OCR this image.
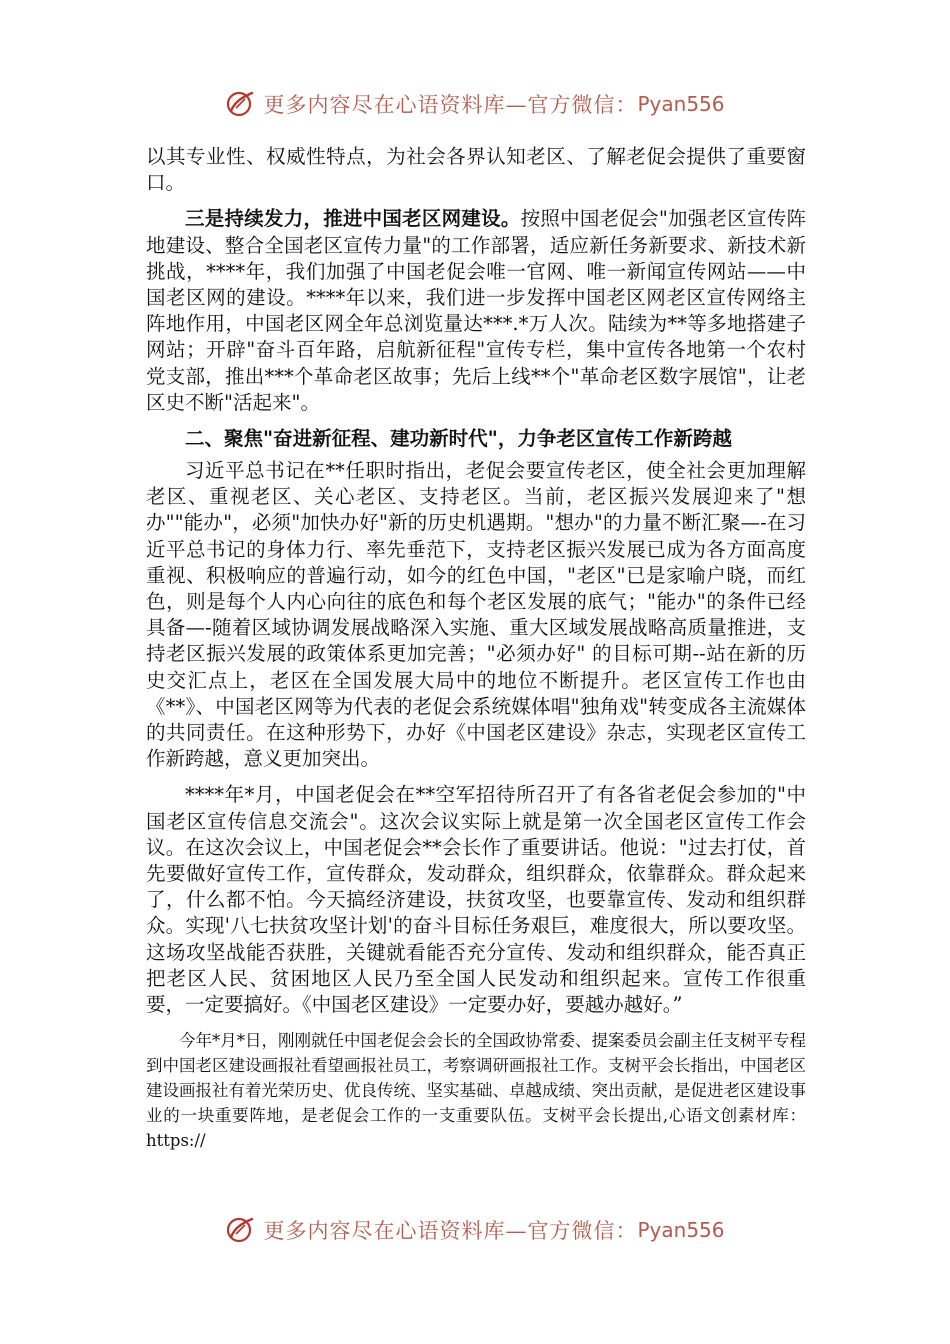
更多内容尽在心语资料库—官方微信： Pyan556

以其专业性、权威性特点，为社会各界认知老区、了解老促会提供了重要窗口。

三是持续发力，推进中国老区网建设。按照中国老促会"加强老区宣传阵地建设、整合全国老区宣传力量"的工作部署，适应新任务新要求、新技术新挑战，****年，我们加强了中国老促会唯一官网、唯一新闻宣传网站——中国老区网的建设。****年以来，我们进一步发挥中国老区网老区宣传网络主阵地作用，中国老区网全年总浏览量达***.*万人次。陆续为**等多地搭建子网站；开辟"奋斗百年路，启航新征程"宣传专栏，集中宣传各地第一个农村党支部，推出***个革命老区故事；先后上线**个"革命老区数字展馆"，让老区史不断"活起来"。

二、聚焦"奋进新征程、建功新时代"，力争老区宣传工作新跨越

习近平总书记在**任职时指出，老促会要宣传老区，使全社会更加理解老区、重视老区、关心老区、支持老区。当前，老区振兴发展迎来了"想办""能办"，必须"加快办好"新的历史机遇期。"想办"的力量不断汇聚—-在习近平总书记的身体力行、率先垂范下，支持老区振兴发展已成为各方面高度重视、积极响应的普遍行动，如今的红色中国，"老区"已是家喻户晓，而红色，则是每个人内心向往的底色和每个老区发展的底气；"能办"的条件已经具备—-随着区域协调发展战略深入实施、重大区域发展战略高质量推进，支持老区振兴发展的政策体系更加完善；"必须办好" 的目标可期--站在新的历史交汇点上，老区在全国发展大局中的地位不断提升。老区宣传工作也由《**》、中国老区网等为代表的老促会系统媒体唱"独角戏"转变成各主流媒体的共同责任。在这种形势下，办好《中国老区建设》杂志，实现老区宣传工作新跨越，意义更加突出。

****年*月，中国老促会在**空军招待所召开了有各省老促会参加的"中国老区宣传信息交流会"。这次会议实际上就是第一次全国老区宣传工作会议。在这次会议上，中国老促会**会长作了重要讲话。他说："过去打仗，首先要做好宣传工作，宣传群众，发动群众，组织群众，依靠群众。群众起来了，什么都不怕。今天搞经济建设，扶贫攻坚，也要靠宣传、发动和组织群众。实现'八七扶贫攻坚计划'的奋斗目标任务艰巨，难度很大，所以要攻坚。这场攻坚战能否获胜，关键就看能否充分宣传、发动和组织群众，能否真正把老区人民、贫困地区人民乃至全国人民发动和组织起来。宣传工作很重要，一定要搞好。《中国老区建设》一定要办好，要越办越好。”

今年*月*日，刚刚就任中国老促会会长的全国政协常委、提案委员会副主任支树平专程到中国老区建设画报社看望画报社员工，考察调研画报社工作。支树平会长指出，中国老区建设画报社有着光荣历史、优良传统、坚实基础、卓越成绩、突出贡献，是促进老区建设事业的一块重要阵地，是老促会工作的一支重要队伍。支树平会长提出,心语文创素材库：https://

更多内容尽在心语资料库—官方微信： Pyan556
